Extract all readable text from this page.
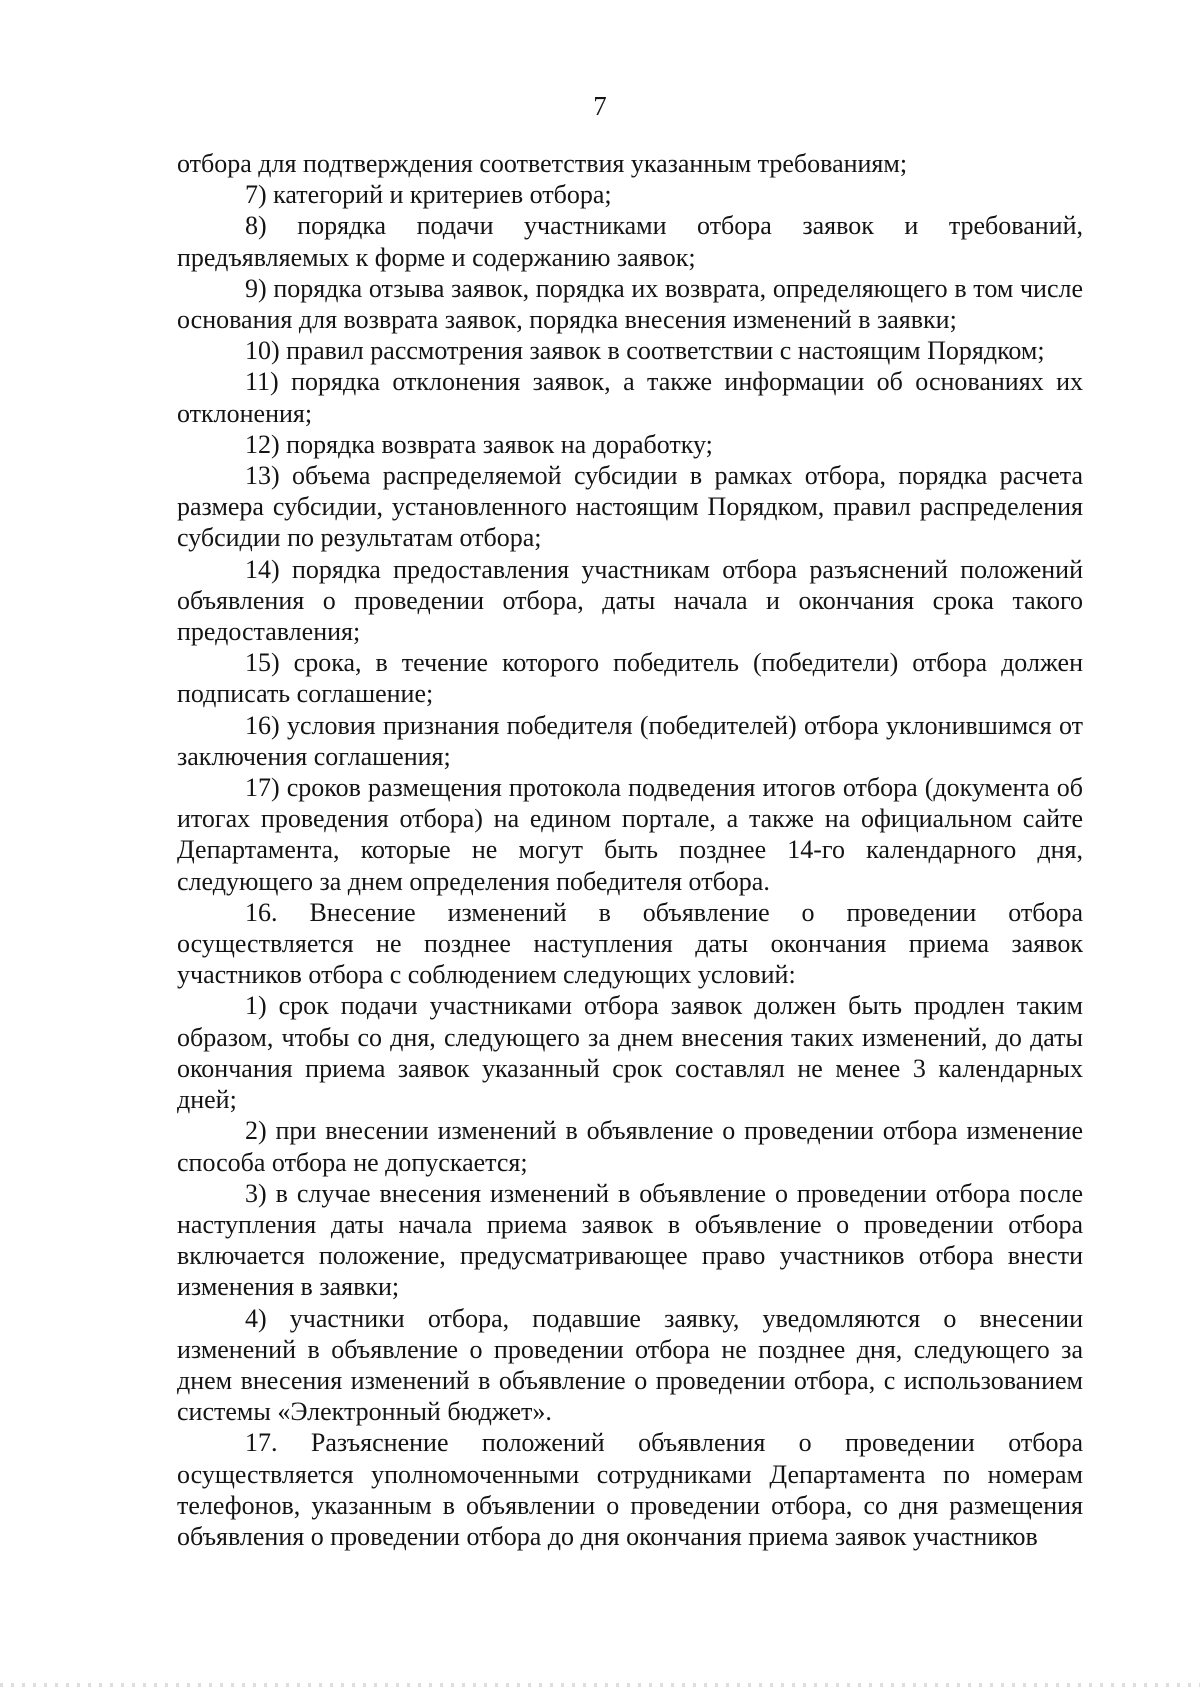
7

отбора для подтверждения соответствия указанным требованиям;

7) категорий и критериев отбора;

8) порядка подачи участниками отбора заявок и требований, предъявляемых к форме и содержанию заявок;

9) порядка отзыва заявок, порядка их возврата, определяющего в том числе основания для возврата заявок, порядка внесения изменений в заявки;

10) правил рассмотрения заявок в соответствии с настоящим Порядком;

11) порядка отклонения заявок, а также информации об основаниях их отклонения;

12) порядка возврата заявок на доработку;

13) объема распределяемой субсидии в рамках отбора, порядка расчета размера субсидии, установленного настоящим Порядком, правил распределения субсидии по результатам отбора;

14) порядка предоставления участникам отбора разъяснений положений объявления о проведении отбора, даты начала и окончания срока такого предоставления;

15) срока, в течение которого победитель (победители) отбора должен подписать соглашение;

16) условия признания победителя (победителей) отбора уклонившимся от заключения соглашения;

17) сроков размещения протокола подведения итогов отбора (документа об итогах проведения отбора) на едином портале, а также на официальном сайте Департамента, которые не могут быть позднее 14-го календарного дня, следующего за днем определения победителя отбора.

16. Внесение изменений в объявление о проведении отбора осуществляется не позднее наступления даты окончания приема заявок участников отбора с соблюдением следующих условий:

1) срок подачи участниками отбора заявок должен быть продлен таким образом, чтобы со дня, следующего за днем внесения таких изменений, до даты окончания приема заявок указанный срок составлял не менее 3 календарных дней;

2) при внесении изменений в объявление о проведении отбора изменение способа отбора не допускается;

3) в случае внесения изменений в объявление о проведении отбора после наступления даты начала приема заявок в объявление о проведении отбора включается положение, предусматривающее право участников отбора внести изменения в заявки;

4) участники отбора, подавшие заявку, уведомляются о внесении изменений в объявление о проведении отбора не позднее дня, следующего за днем внесения изменений в объявление о проведении отбора, с использованием системы «Электронный бюджет».

17. Разъяснение положений объявления о проведении отбора осуществляется уполномоченными сотрудниками Департамента по номерам телефонов, указанным в объявлении о проведении отбора, со дня размещения объявления о проведении отбора до дня окончания приема заявок участников
